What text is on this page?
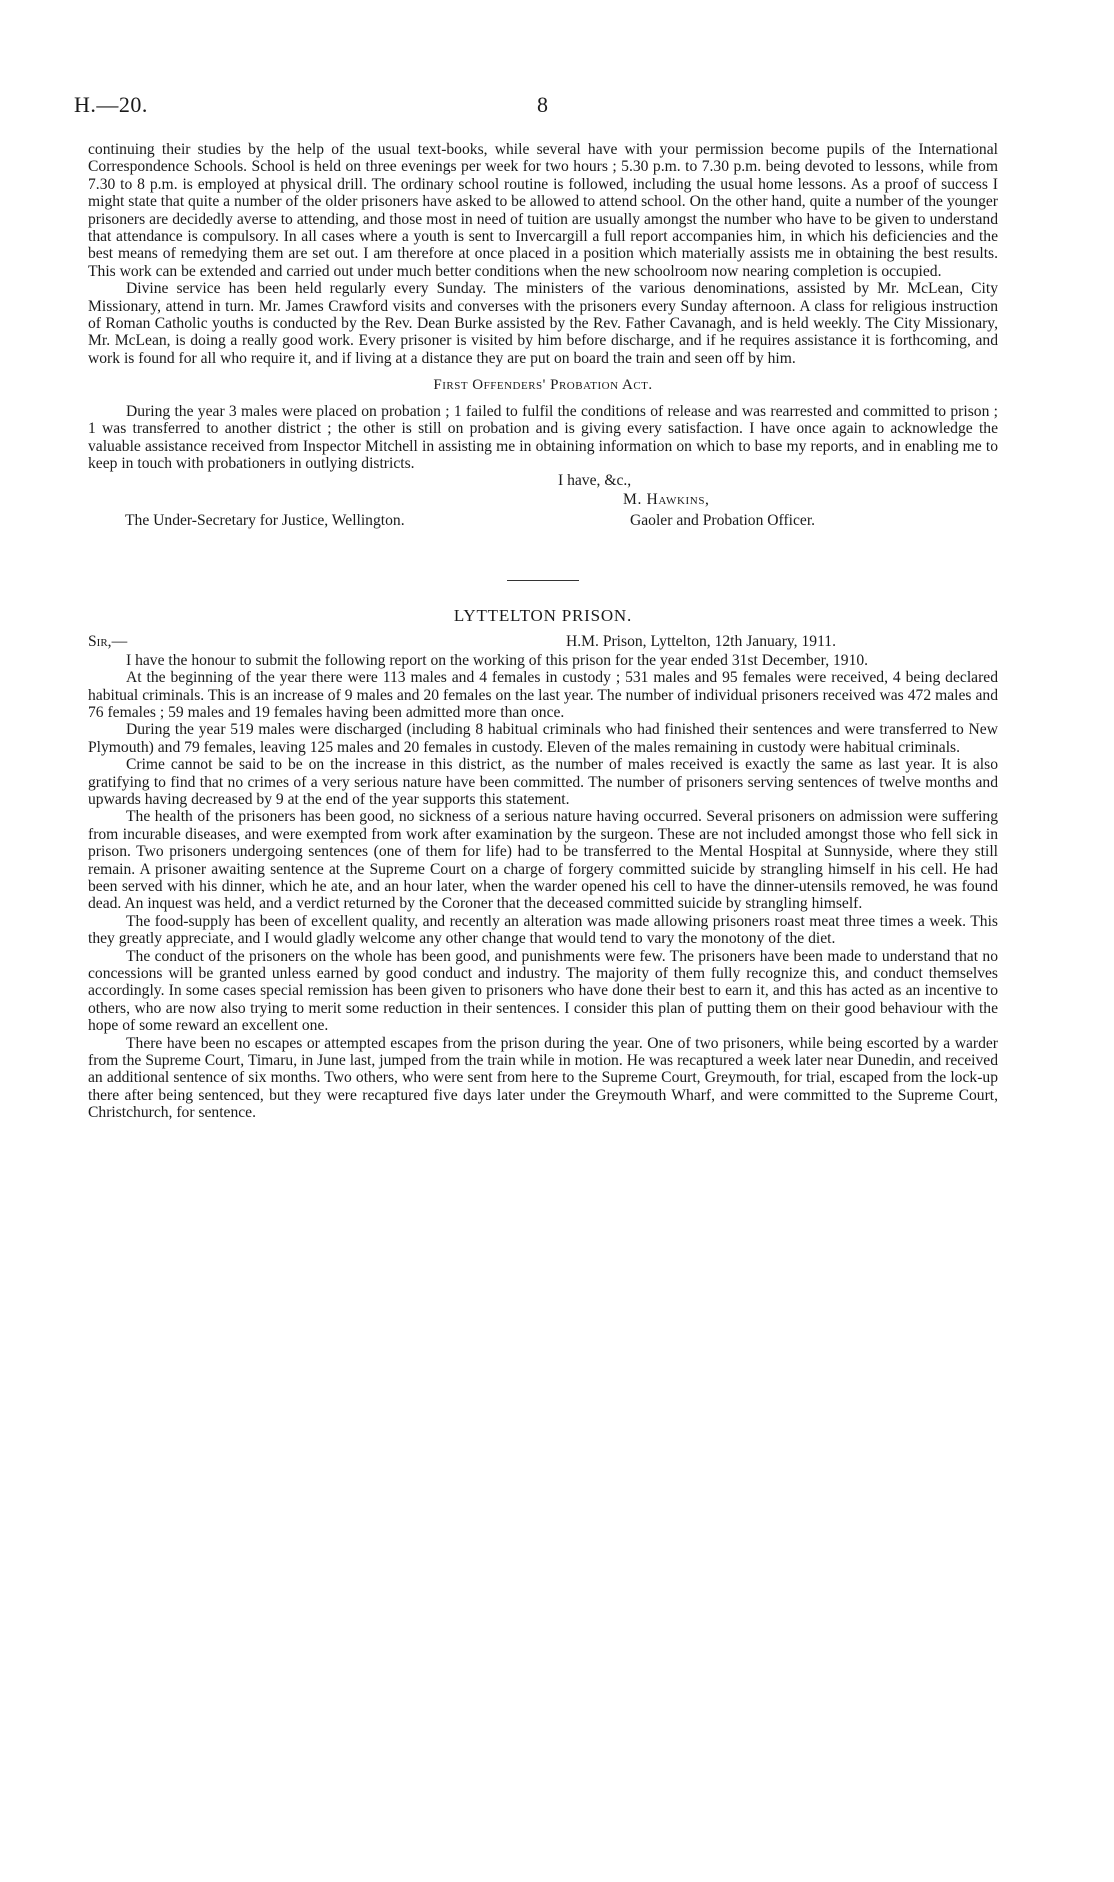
H.—20.	8

continuing their studies by the help of the usual text-books, while several have with your permission become pupils of the International Correspondence Schools. School is held on three evenings per week for two hours ; 5.30 p.m. to 7.30 p.m. being devoted to lessons, while from 7.30 to 8 p.m. is employed at physical drill. The ordinary school routine is followed, including the usual home lessons. As a proof of success I might state that quite a number of the older prisoners have asked to be allowed to attend school. On the other hand, quite a number of the younger prisoners are decidedly averse to attending, and those most in need of tuition are usually amongst the number who have to be given to understand that attendance is compulsory. In all cases where a youth is sent to Invercargill a full report accompanies him, in which his deficiencies and the best means of remedying them are set out. I am therefore at once placed in a position which materially assists me in obtaining the best results. This work can be extended and carried out under much better conditions when the new schoolroom now nearing completion is occupied.

Divine service has been held regularly every Sunday. The ministers of the various denominations, assisted by Mr. McLean, City Missionary, attend in turn. Mr. James Crawford visits and converses with the prisoners every Sunday afternoon. A class for religious instruction of Roman Catholic youths is conducted by the Rev. Dean Burke assisted by the Rev. Father Cavanagh, and is held weekly. The City Missionary, Mr. McLean, is doing a really good work. Every prisoner is visited by him before discharge, and if he requires assistance it is forthcoming, and work is found for all who require it, and if living at a distance they are put on board the train and seen off by him.

First Offenders' Probation Act.

During the year 3 males were placed on probation ; 1 failed to fulfil the conditions of release and was rearrested and committed to prison ; 1 was transferred to another district ; the other is still on probation and is giving every satisfaction. I have once again to acknowledge the valuable assistance received from Inspector Mitchell in assisting me in obtaining information on which to base my reports, and in enabling me to keep in touch with probationers in outlying districts.

I have, &c.,
M. Hawkins,
The Under-Secretary for Justice, Wellington.	Gaoler and Probation Officer.
LYTTELTON PRISON.
Sir,—	H.M. Prison, Lyttelton, 12th January, 1911.

I have the honour to submit the following report on the working of this prison for the year ended 31st December, 1910.

At the beginning of the year there were 113 males and 4 females in custody ; 531 males and 95 females were received, 4 being declared habitual criminals. This is an increase of 9 males and 20 females on the last year. The number of individual prisoners received was 472 males and 76 females ; 59 males and 19 females having been admitted more than once.

During the year 519 males were discharged (including 8 habitual criminals who had finished their sentences and were transferred to New Plymouth) and 79 females, leaving 125 males and 20 females in custody. Eleven of the males remaining in custody were habitual criminals.

Crime cannot be said to be on the increase in this district, as the number of males received is exactly the same as last year. It is also gratifying to find that no crimes of a very serious nature have been committed. The number of prisoners serving sentences of twelve months and upwards having decreased by 9 at the end of the year supports this statement.

The health of the prisoners has been good, no sickness of a serious nature having occurred. Several prisoners on admission were suffering from incurable diseases, and were exempted from work after examination by the surgeon. These are not included amongst those who fell sick in prison. Two prisoners undergoing sentences (one of them for life) had to be transferred to the Mental Hospital at Sunnyside, where they still remain. A prisoner awaiting sentence at the Supreme Court on a charge of forgery committed suicide by strangling himself in his cell. He had been served with his dinner, which he ate, and an hour later, when the warder opened his cell to have the dinner-utensils removed, he was found dead. An inquest was held, and a verdict returned by the Coroner that the deceased committed suicide by strangling himself.

The food-supply has been of excellent quality, and recently an alteration was made allowing prisoners roast meat three times a week. This they greatly appreciate, and I would gladly welcome any other change that would tend to vary the monotony of the diet.

The conduct of the prisoners on the whole has been good, and punishments were few. The prisoners have been made to understand that no concessions will be granted unless earned by good conduct and industry. The majority of them fully recognize this, and conduct themselves accordingly. In some cases special remission has been given to prisoners who have done their best to earn it, and this has acted as an incentive to others, who are now also trying to merit some reduction in their sentences. I consider this plan of putting them on their good behaviour with the hope of some reward an excellent one.

There have been no escapes or attempted escapes from the prison during the year. One of two prisoners, while being escorted by a warder from the Supreme Court, Timaru, in June last, jumped from the train while in motion. He was recaptured a week later near Dunedin, and received an additional sentence of six months. Two others, who were sent from here to the Supreme Court, Greymouth, for trial, escaped from the lock-up there after being sentenced, but they were recaptured five days later under the Greymouth Wharf, and were committed to the Supreme Court, Christchurch, for sentence.
